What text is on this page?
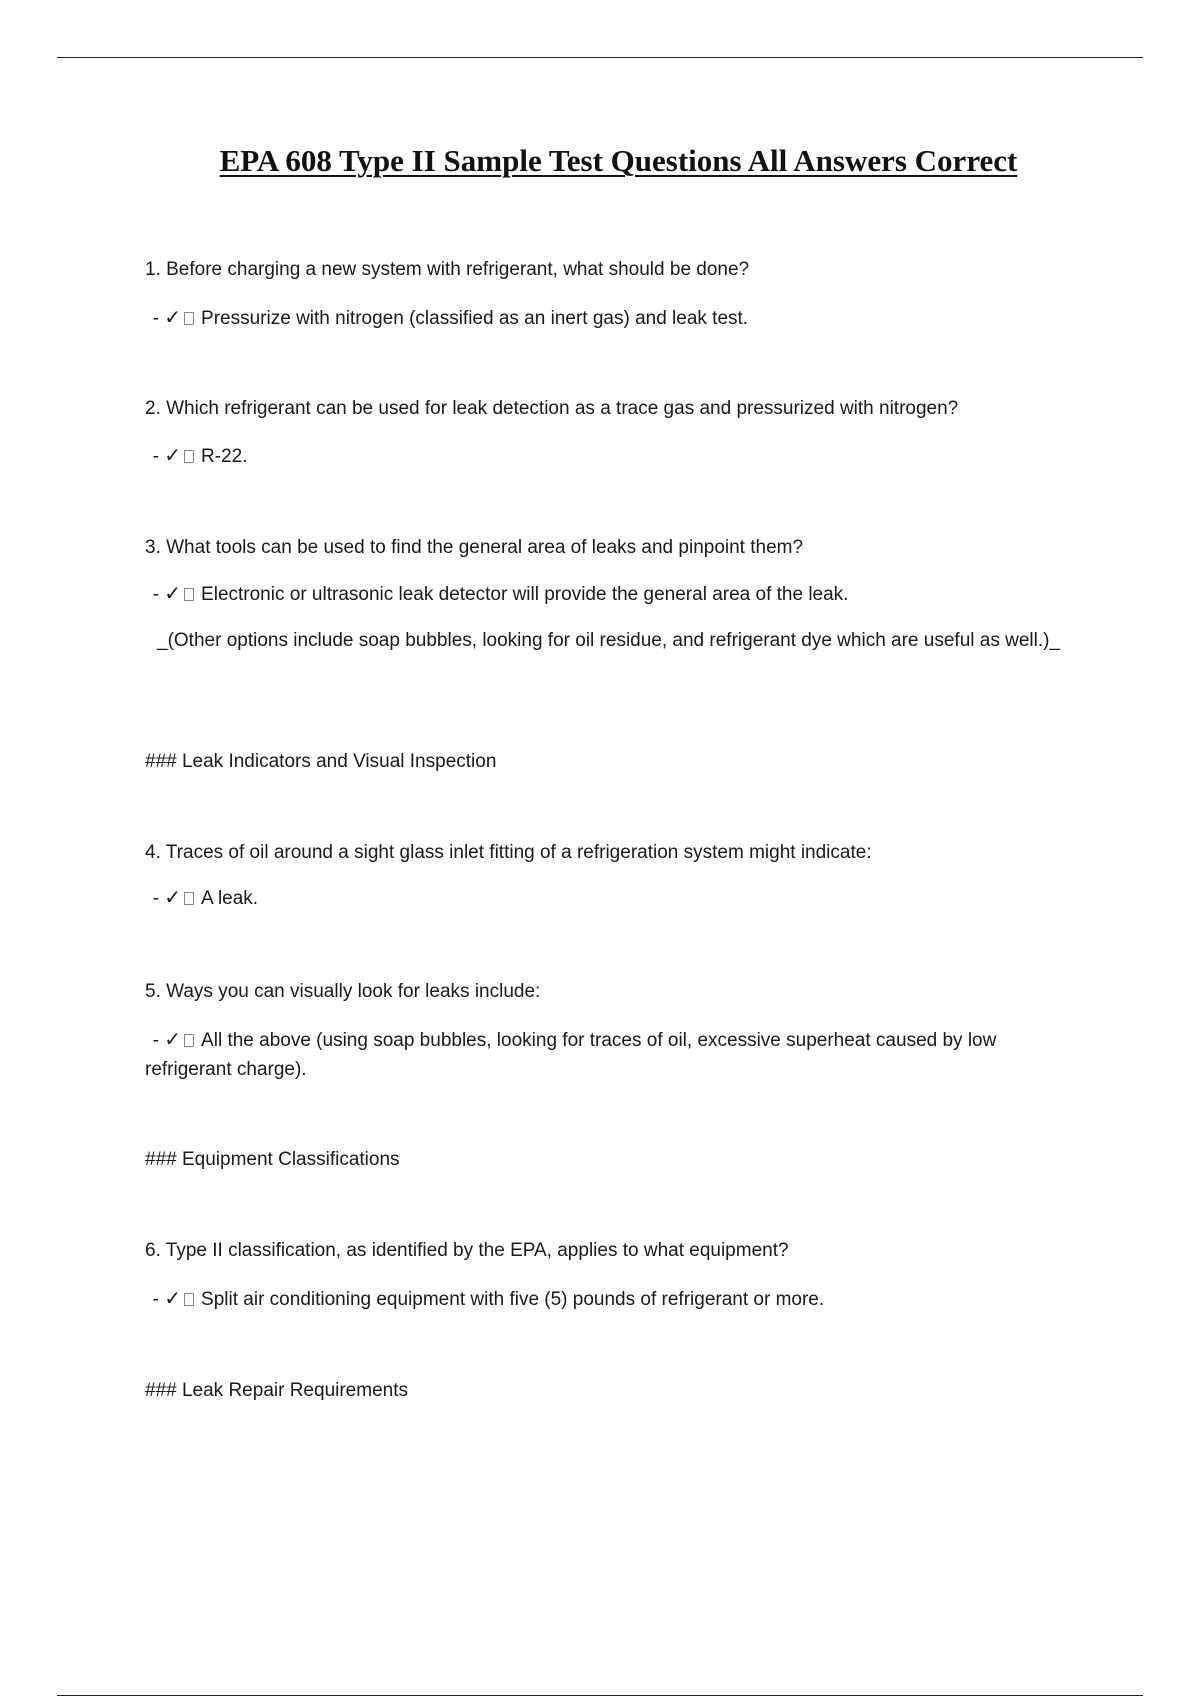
EPA 608 Type II Sample Test Questions All Answers Correct

1. Before charging a new system with refrigerant, what should be done?

- ✓ Pressurize with nitrogen (classified as an inert gas) and leak test.

2. Which refrigerant can be used for leak detection as a trace gas and pressurized with nitrogen?

- ✓ R-22.

3. What tools can be used to find the general area of leaks and pinpoint them?

- ✓ Electronic or ultrasonic leak detector will provide the general area of the leak.

_(Other options include soap bubbles, looking for oil residue, and refrigerant dye which are useful as well.)_

### Leak Indicators and Visual Inspection

4. Traces of oil around a sight glass inlet fitting of a refrigeration system might indicate:

- ✓ A leak.

5. Ways you can visually look for leaks include:

- ✓ All the above (using soap bubbles, looking for traces of oil, excessive superheat caused by low refrigerant charge).

### Equipment Classifications

6. Type II classification, as identified by the EPA, applies to what equipment?

- ✓ Split air conditioning equipment with five (5) pounds of refrigerant or more.

### Leak Repair Requirements
